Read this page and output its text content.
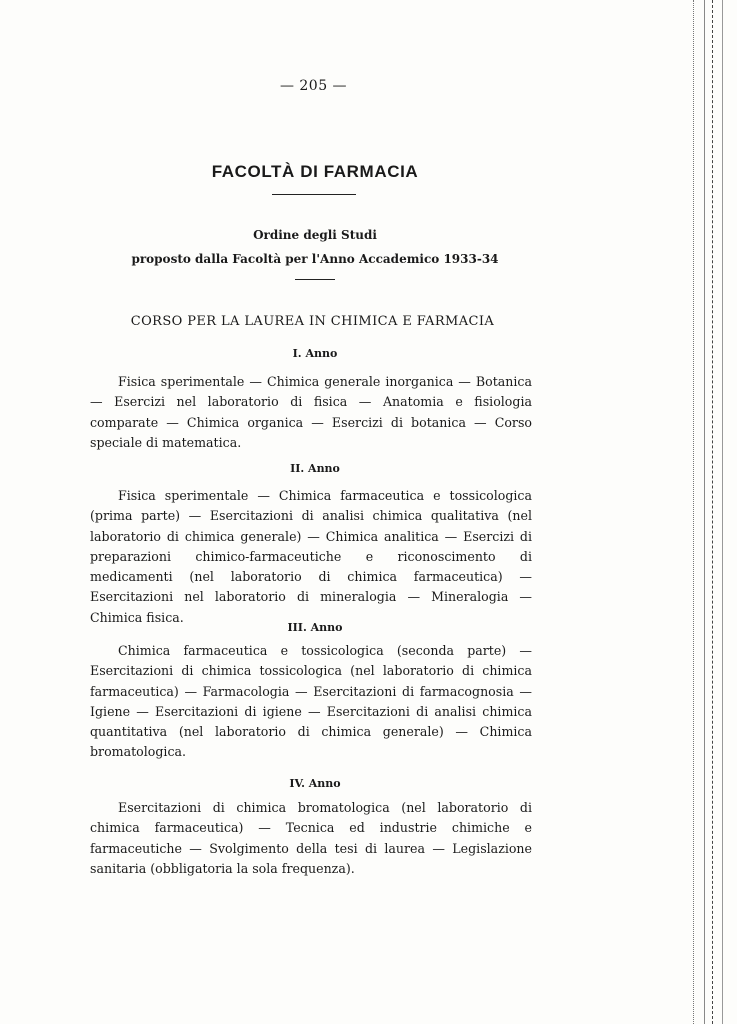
— 205 —
FACOLTÀ DI FARMACIA
Ordine degli Studi
proposto dalla Facoltà per l'Anno Accademico 1933-34
CORSO PER LA LAUREA IN CHIMICA E FARMACIA
I. Anno

Fisica sperimentale — Chimica generale inorganica — Botanica — Esercizi nel laboratorio di fisica — Anatomia e fisiologia comparate — Chimica organica — Esercizi di botanica — Corso speciale di matematica.

II. Anno

Fisica sperimentale — Chimica farmaceutica e tossicologica (prima parte) — Esercitazioni di analisi chimica qualitativa (nel laboratorio di chimica generale) — Chimica analitica — Esercizi di preparazioni chimico-farmaceutiche e riconoscimento di medicamenti (nel laboratorio di chimica farmaceutica) — Esercitazioni nel laboratorio di mineralogia — Mineralogia — Chimica fisica.

III. Anno

Chimica farmaceutica e tossicologica (seconda parte) — Esercitazioni di chimica tossicologica (nel laboratorio di chimica farmaceutica) — Farmacologia — Esercitazioni di farmacognosia — Igiene — Esercitazioni di igiene — Esercitazioni di analisi chimica quantitativa (nel laboratorio di chimica generale) — Chimica bromatologica.

IV. Anno

Esercitazioni di chimica bromatologica (nel laboratorio di chimica farmaceutica) — Tecnica ed industrie chimiche e farmaceutiche — Svolgimento della tesi di laurea — Legislazione sanitaria (obbligatoria la sola frequenza).
